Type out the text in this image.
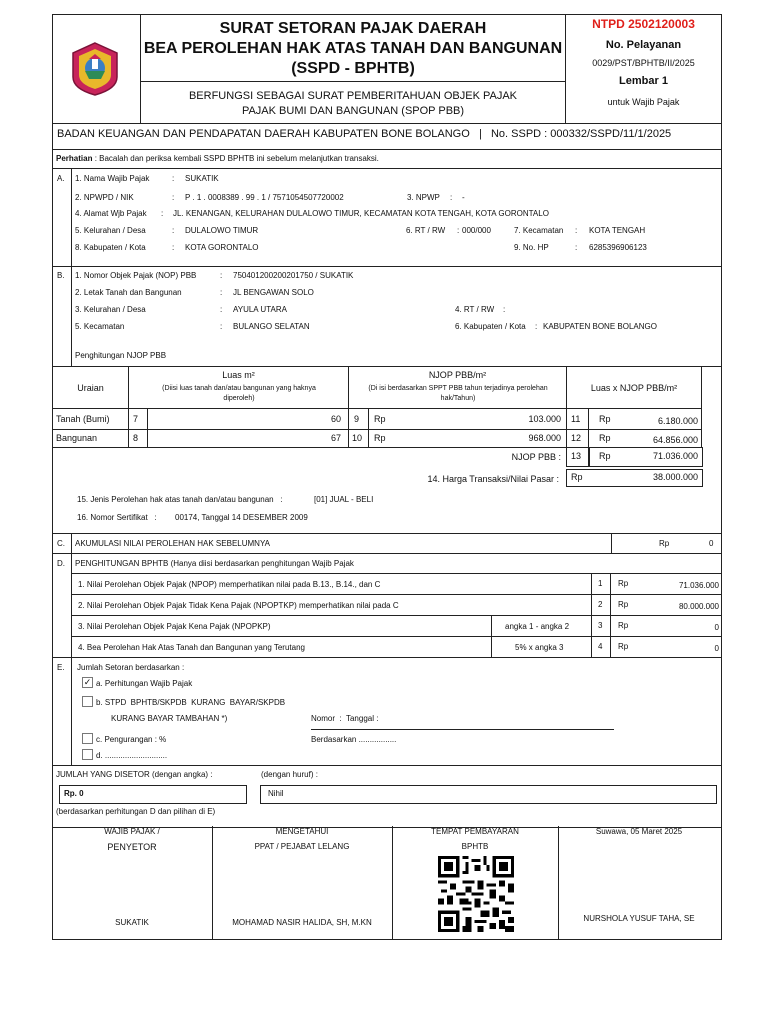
SURAT SETORAN PAJAK DAERAH
BEA PEROLEHAN HAK ATAS TANAH DAN BANGUNAN
(SSPD - BPHTB)
BERFUNGSI SEBAGAI SURAT PEMBERITAHUAN OBJEK PAJAK
PAJAK BUMI DAN BANGUNAN (SPOP PBB)
NTPD 2502120003
No. Pelayanan
0029/PST/BPHTB/II/2025
Lembar 1
untuk Wajib Pajak
BADAN KEUANGAN DAN PENDAPATAN DAERAH KABUPATEN BONE BOLANGO   |   No. SSPD : 000332/SSPD/11/1/2025
Perhatian : Bacalah dan periksa kembali SSPD BPHTB ini sebelum melanjutkan transaksi.
A. 1. Nama Wajib Pajak	: SUKATIK
2. NPWPD / NIK	: P . 1 . 0008389 . 99 . 1 / 7571054507720002	3. NPWP : -
4. Alamat Wjb Pajak : JL. KENANGAN, KELURAHAN DULALOWO TIMUR, KECAMATAN KOTA TENGAH, KOTA GORONTALO
5. Kelurahan / Desa	: DULALOWO TIMUR	6. RT / RW : 000/000	7. Kecamatan : KOTA TENGAH
8. Kabupaten / Kota	: KOTA GORONTALO	9. No. HP	: 6285396906123
B. 1. Nomor Objek Pajak (NOP) PBB	: 750401200200201750 / SUKATIK
2. Letak Tanah dan Bangunan	: JL BENGAWAN SOLO
3. Kelurahan / Desa	: AYULA UTARA	4. RT / RW :
5. Kecamatan	: BULANGO SELATAN	6. Kabupaten / Kota : KABUPATEN BONE BOLANGO
Penghitungan NJOP PBB
Uraian
Luas m²
(Diisi luas tanah dan/atau bangunan yang haknya diperoleh)
NJOP PBB/m²
(Di isi berdasarkan SPPT PBB tahun terjadinya perolehan hak/Tahun)
Luas x NJOP PBB/m²
Tanah (Bumi)	7	60 9 Rp	103.000 11 Rp	6.180.000
Bangunan	8	67 10 Rp	968.000 12 Rp	64.856.000
NJOP PBB : 13 Rp	71.036.000
14. Harga Transaksi/Nilai Pasar : Rp	38.000.000
15. Jenis Perolehan hak atas tanah dan/atau bangunan   :	[01] JUAL - BELI
16. Nomor Sertifikat   : 00174, Tanggal 14 DESEMBER 2009
C. AKUMULASI NILAI PEROLEHAN HAK SEBELUMNYA	Rp	0
D. PENGHITUNGAN BPHTB (Hanya diisi berdasarkan penghitungan Wajib Pajak
1. Nilai Perolehan Objek Pajak (NPOP) memperhatikan nilai pada B.13., B.14., dan C	1 Rp	71.036.000
2. Nilai Perolehan Objek Pajak Tidak Kena Pajak (NPOPTKP) memperhatikan nilai pada C	2 Rp	80.000.000
3. Nilai Perolehan Objek Pajak Kena Pajak (NPOPKP)	angka 1 - angka 2	3 Rp	0
4. Bea Perolehan Hak Atas Tanah dan Bangunan yang Terutang	5% x angka 3	4 Rp	0
E. Jumlah Setoran berdasarkan :
✓ a. Perhitungan Wajib Pajak
b. STPD  BPHTB/SKPDB  KURANG  BAYAR/SKPDB
KURANG BAYAR TAMBAHAN *)	Nomor  :  Tanggal :
c. Pengurangan : %	Berdasarkan .................
d. ............................
JUMLAH YANG DISETOR (dengan angka) :	(dengan huruf) :
Rp. 0	Nihil
(berdasarkan perhitungan D dan pilihan di E)
WAJIB PAJAK /
PENYETOR
SUKATIK
MENGETAHUI
PPAT / PEJABAT LELANG
MOHAMAD NASIR HALIDA, SH, M.KN
TEMPAT PEMBAYARAN
BPHTB
Suwawa, 05 Maret 2025
NURSHOLA YUSUF TAHA, SE
